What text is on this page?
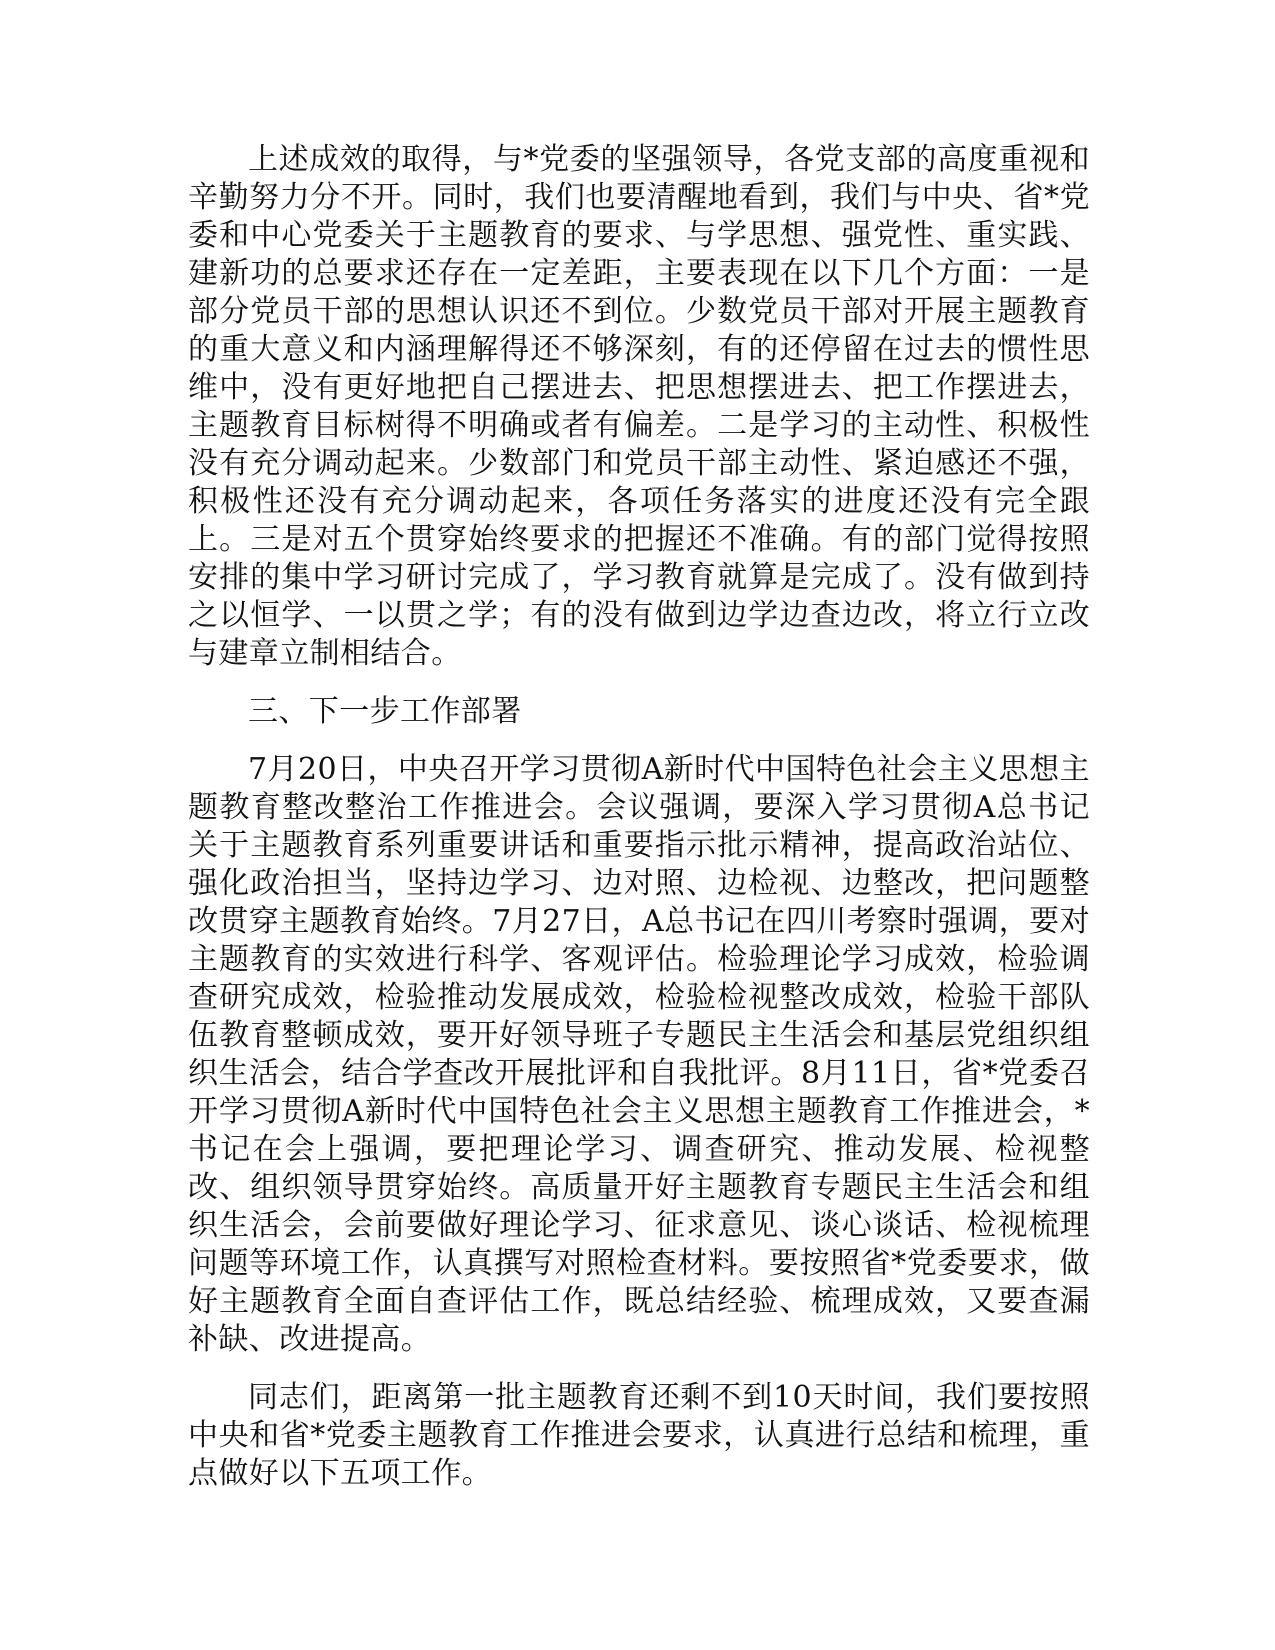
上述成效的取得，与*党委的坚强领导，各党支部的高度重视和辛勤努力分不开。同时，我们也要清醒地看到，我们与中央、省*党委和中心党委关于主题教育的要求、与学思想、强党性、重实践、建新功的总要求还存在一定差距，主要表现在以下几个方面：一是部分党员干部的思想认识还不到位。少数党员干部对开展主题教育的重大意义和内涵理解得还不够深刻，有的还停留在过去的惯性思维中，没有更好地把自己摆进去、把思想摆进去、把工作摆进去，主题教育目标树得不明确或者有偏差。二是学习的主动性、积极性没有充分调动起来。少数部门和党员干部主动性、紧迫感还不强，积极性还没有充分调动起来，各项任务落实的进度还没有完全跟上。三是对五个贯穿始终要求的把握还不准确。有的部门觉得按照安排的集中学习研讨完成了，学习教育就算是完成了。没有做到持之以恒学、一以贯之学；有的没有做到边学边查边改，将立行立改与建章立制相结合。

三、下一步工作部署

7月20日，中央召开学习贯彻A新时代中国特色社会主义思想主题教育整改整治工作推进会。会议强调，要深入学习贯彻A总书记关于主题教育系列重要讲话和重要指示批示精神，提高政治站位、强化政治担当，坚持边学习、边对照、边检视、边整改，把问题整改贯穿主题教育始终。7月27日，A总书记在四川考察时强调，要对主题教育的实效进行科学、客观评估。检验理论学习成效，检验调查研究成效，检验推动发展成效，检验检视整改成效，检验干部队伍教育整顿成效，要开好领导班子专题民主生活会和基层党组织组织生活会，结合学查改开展批评和自我批评。8月11日，省*党委召开学习贯彻A新时代中国特色社会主义思想主题教育工作推进会，*书记在会上强调，要把理论学习、调查研究、推动发展、检视整改、组织领导贯穿始终。高质量开好主题教育专题民主生活会和组织生活会，会前要做好理论学习、征求意见、谈心谈话、检视梳理问题等环境工作，认真撰写对照检查材料。要按照省*党委要求，做好主题教育全面自查评估工作，既总结经验、梳理成效，又要查漏补缺、改进提高。

同志们，距离第一批主题教育还剩不到10天时间，我们要按照中央和省*党委主题教育工作推进会要求，认真进行总结和梳理，重点做好以下五项工作。
